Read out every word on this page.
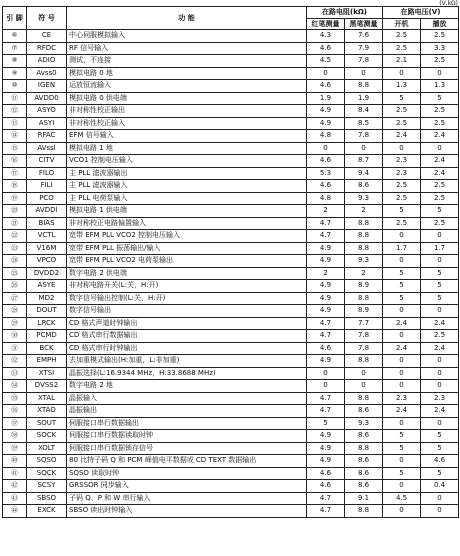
(V,kΩ)
引 脚	符 号	功 能	在路电阻(kΩ)		在路电压(V)	
			红笔测量	黑笔测量	开机	播放
⑥	CE	中心伺服模拟输入	4.3	7.6	2.5	2.5
⑦	RFDC	RF 信号输入	4.6	7.9	2.5	3.3
⑧	ADIO	测试，不连接	4.5	7.8	2.1	2.5
⑨	Avss0	模拟电路 0 地	0	0	0	0
⑩	IGEN	运放恒流输入	4.6	8.8	1.3	1.3
⑪	AVDD0	模拟电路 0 供电端	1.9	1.9	5	5
⑫	ASYO	非对称性校正输出	4.9	8.4	2.5	2.5
⑬	ASYI	非对称性校正输入	4.9	8.5	2.5	2.5
⑭	RFAC	EFM 信号输入	4.8	7.8	2.4	2.4
⑮	AVssl	模拟电路 1 地	0	0	0	0
⑯	CITV	VCO1 控制电压输入	4.6	8.7	2.3	2.4
⑰	FILO	主 PLL 滤波器输出	5.3	9.4	2.3	2.4
⑱	FILI	主 PLL 滤波器输入	4.6	8.6	2.5	2.5
⑲	PCO	主 PLL 电荷泵输入	4.8	9.3	2.5	2.5
⑳	AVDDl	模拟电路 1 供电端	2	2	5	5
㉑	BIAS	非对称校正电路偏置输入	4.7	8.8	2.5	2.5
㉒	VCTL	宽带 EFM PLL VCO2 控制电压输入	4.7	8.8	0	0
㉓	V16M	宽带 EFM PLL 振荡输出/输入	4.9	8.8	1.7	1.7
㉔	VPCO	宽带 EFM PLL VCO2 电荷泵输出	4.9	9.3	0	0
㉕	DVDD2	数字电路 2 供电端	2	2	5	5
㉖	ASYE	非对称电路开关(L:关，H:开)	4.9	8.9	5	5
㉗	MD2	数字信号输出控制(L:关，H:开)	4.9	8.8	5	5
㉘	DOUT	数字信号输出	4.9	8.9	0	0
㉙	LRCK	CD 格式声道时钟输出	4.7	7.7	2.4	2.4
㉚	PCMD	CD 格式串行数据输出	4.7	7.8	0	2.5
㉛	BCK	CD 格式串行时钟输出	4.6	7.8	2.4	2.4
㉜	EMPH	去加重模式输出(H:加重，L:非加重)	4.9	8.8	0	0
㉝	XTSI	晶振选择(L:16.9344 MHz，H:33.8688 MHz)	0	0	0	0
㉞	DVSS2	数字电路 2 地	0	0	0	0
㉟	XTAL	晶振输入	4.7	8.8	2.3	2.3
㊱	XTAO	晶振输出	4.7	8.6	2.4	2.4
㊲	SOUT	伺服接口串行数据输出	5	9.3	0	0
㊳	SOCK	伺服接口串行数据读取时钟	4.9	8.6	5	5
㊴	XOLT	伺服接口串行数据锁存信号	4.9	8.8	5	5
㊵	SQSO	80 比特子码 Q 和 PCM 峰值电平数据或 CD TEXT 数据输出	4.9	8.6	0	4.6
㊶	SQCK	SQSO 读取时钟	4.6	8.6	5	5
㊷	SCSY	GRSSOR 同步输入	4.6	8.6	0	0.4
㊸	SBSO	子码 Q、P 和 W 串行输入	4.7	9.1	4.5	0
㊹	EXCK	SBSO 读出时钟输入	4.7	8.8	0	0
